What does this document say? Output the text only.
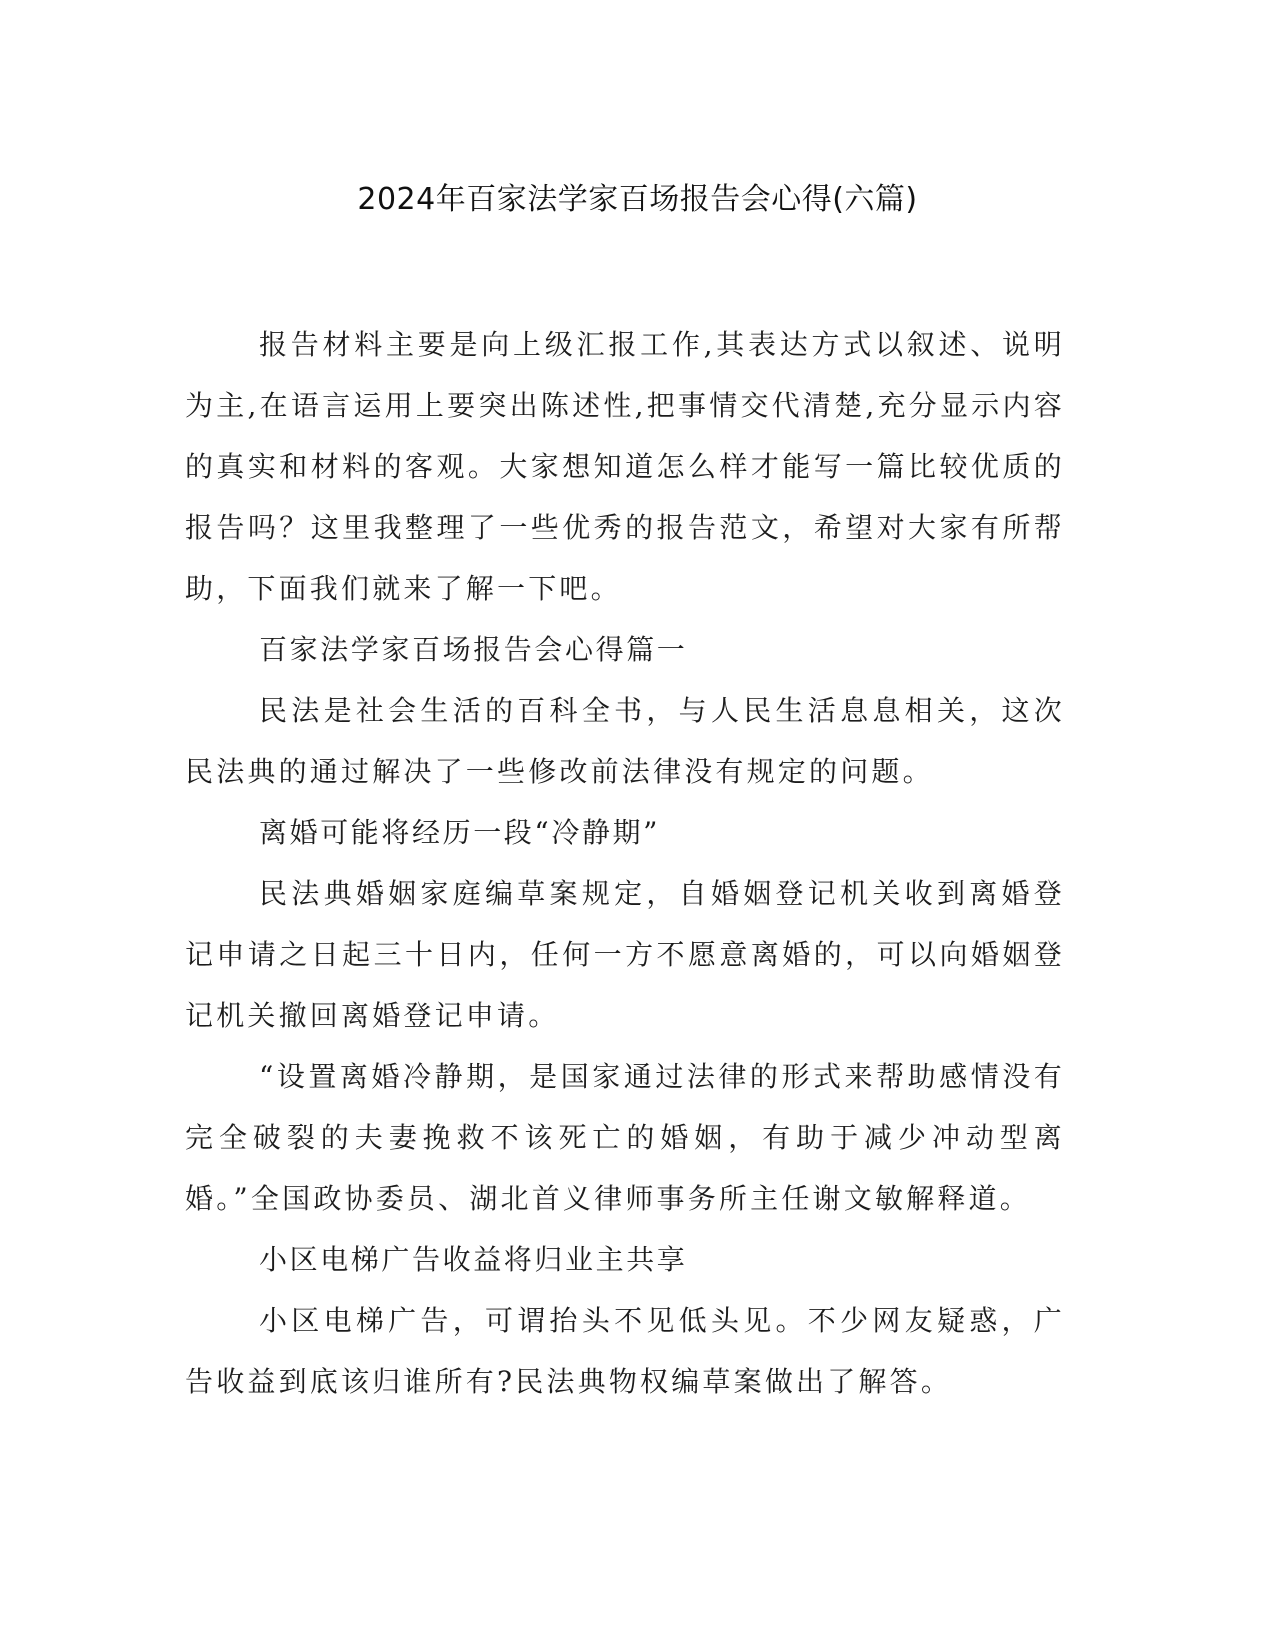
2024年百家法学家百场报告会心得(六篇)

报告材料主要是向上级汇报工作,其表达方式以叙述、说明为主,在语言运用上要突出陈述性,把事情交代清楚,充分显示内容的真实和材料的客观。大家想知道怎么样才能写一篇比较优质的报告吗？这里我整理了一些优秀的报告范文，希望对大家有所帮助，下面我们就来了解一下吧。

百家法学家百场报告会心得篇一

民法是社会生活的百科全书，与人民生活息息相关，这次民法典的通过解决了一些修改前法律没有规定的问题。

离婚可能将经历一段“冷静期”

民法典婚姻家庭编草案规定，自婚姻登记机关收到离婚登记申请之日起三十日内，任何一方不愿意离婚的，可以向婚姻登记机关撤回离婚登记申请。

“设置离婚冷静期，是国家通过法律的形式来帮助感情没有完全破裂的夫妻挽救不该死亡的婚姻，有助于减少冲动型离婚。”全国政协委员、湖北首义律师事务所主任谢文敏解释道。

小区电梯广告收益将归业主共享

小区电梯广告，可谓抬头不见低头见。不少网友疑惑，广告收益到底该归谁所有?民法典物权编草案做出了解答。
